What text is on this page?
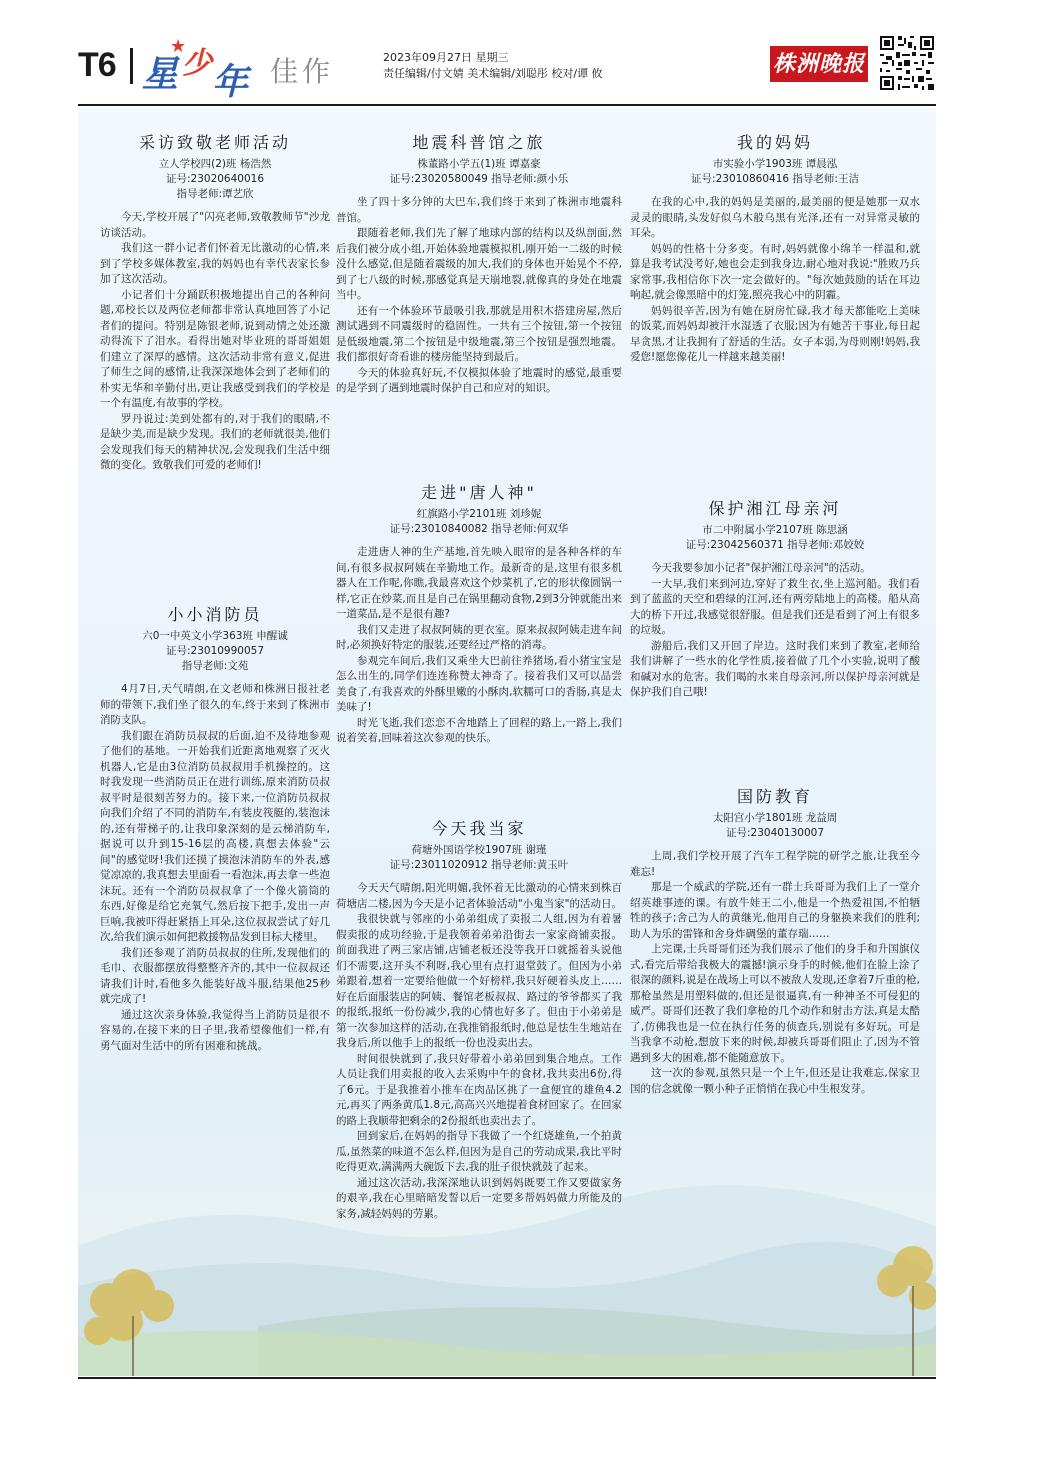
T6 星
★
少 年 佳作	2023年09月27日 星期三
责任编辑/付文婧 美术编辑/刘聪彤 校对/谭 攸	株洲晚报
采访致敬老师活动
立人学校四(2)班 杨浩然
证号:23020640016
指导老师:谭艺欣

今天,学校开展了"闪亮老师,致敬教师节"沙龙访谈活动。

我们这一群小记者们怀着无比激动的心情,来到了学校多媒体教室,我的妈妈也有幸代表家长参加了这次活动。

小记者们十分踊跃积极地提出自己的各种问题,邓校长以及两位老师都非常认真地回答了小记者们的提问。特别是陈银老师,说到动情之处还激动得流下了泪水。看得出她对毕业班的哥哥姐姐们建立了深厚的感情。这次活动非常有意义,促进了师生之间的感情,让我深深地体会到了老师们的朴实无华和辛勤付出,更让我感受到我们的学校是一个有温度,有故事的学校。

罗丹说过:美到处都有的,对于我们的眼睛,不是缺少美,而是缺少发现。我们的老师就很美,他们会发现我们每天的精神状况,会发现我们生活中细微的变化。致敬我们可爱的老师们!

小小消防员
六0一中英文小学363班 申醒诚
证号:23010990057
指导老师:文苑

4月7日,天气晴朗,在文老师和株洲日报社老师的带领下,我们坐了很久的车,终于来到了株洲市消防支队。

我们跟在消防员叔叔的后面,迫不及待地参观了他们的基地。一开始我们近距离地观察了灭火机器人,它是由3位消防员叔叔用手机操控的。这时我发现一些消防员正在进行训练,原来消防员叔叔平时是很刻苦努力的。接下来,一位消防员叔叔向我们介绍了不同的消防车,有装皮筏艇的,装泡沫的,还有带梯子的,让我印象深刻的是云梯消防车,据说可以升到15-16层的高楼,真想去体验"云间"的感觉呀!我们还摸了摸泡沫消防车的外表,感觉凉凉的,我真想去里面看一看泡沫,再去拿一些泡沫玩。还有一个消防员叔叔拿了一个像火箭筒的东西,好像是给它充氧气,然后按下把手,发出一声巨响,我被吓得赶紧捂上耳朵,这位叔叔尝试了好几次,给我们演示如何把救援物品发到目标大楼里。

我们还参观了消防员叔叔的住所,发现他们的毛巾、衣服都摆放得整整齐齐的,其中一位叔叔还请我们计时,看他多久能装好战斗服,结果他25秒就完成了!

通过这次亲身体验,我觉得当上消防员是很不容易的,在接下来的日子里,我希望像他们一样,有勇气面对生活中的所有困难和挑战。

地震科普馆之旅
株董路小学五(1)班 谭嘉豪
证号:23020580049 指导老师:颜小乐

坐了四十多分钟的大巴车,我们终于来到了株洲市地震科普馆。

跟随着老师,我们先了解了地球内部的结构以及纵剖面,然后我们被分成小组,开始体验地震模拟机,刚开始一二级的时候没什么感觉,但是随着震级的加大,我们的身体也开始晃个不停,到了七八级的时候,那感觉真是天崩地裂,就像真的身处在地震当中。

还有一个体验环节最吸引我,那就是用积木搭建房屋,然后测试遇到不同震级时的稳固性。一共有三个按钮,第一个按钮是低级地震,第二个按钮是中级地震,第三个按钮是强烈地震。我们都很好奇看谁的楼房能坚持到最后。

今天的体验真好玩,不仅模拟体验了地震时的感觉,最重要的是学到了遇到地震时保护自己和应对的知识。

走进"唐人神"
红旗路小学2101班 刘珍妮
证号:23010840082 指导老师:何双华

走进唐人神的生产基地,首先映入眼帘的是各种各样的车间,有很多叔叔阿姨在辛勤地工作。最新奇的是,这里有很多机器人在工作呢,你瞧,我最喜欢这个炒菜机了,它的形状像圆锅一样,它正在炒菜,而且是自己在锅里翻动食物,2到3分钟就能出来一道菜品,是不是很有趣?

我们又走进了叔叔阿姨的更衣室。原来叔叔阿姨走进车间时,必须换好特定的服装,还要经过严格的消毒。

参观完车间后,我们又乘坐大巴前往养猪场,看小猪宝宝是怎么出生的,同学们连连称赞太神奇了。接着我们又可以品尝美食了,有我喜欢的外酥里嫩的小酥肉,软糯可口的香肠,真是太美味了!

时光飞逝,我们恋恋不舍地踏上了回程的路上,一路上,我们说着笑着,回味着这次参观的快乐。

今天我当家
荷塘外国语学校1907班 谢瑾
证号:23011020912 指导老师:黄玉叶

今天天气晴朗,阳光明媚,我怀着无比激动的心情来到株百荷塘店二楼,因为今天是小记者体验活动"小鬼当家"的活动日。

我很快就与邻座的小弟弟组成了卖报二人组,因为有着暑假卖报的成功经验,于是我领着弟弟沿街去一家家商铺卖报。前面我进了两三家店铺,店铺老板还没等我开口就摇着头说他们不需要,这开头不利呀,我心里有点打退堂鼓了。但因为小弟弟跟着,想着一定要给他做一个好榜样,我只好硬着头皮上……好在后面服装店的阿姨、餐馆老板叔叔、路过的爷爷都买了我的报纸,报纸一份份减少,我的心情也好多了。但由于小弟弟是第一次参加这样的活动,在我推销报纸时,他总是怯生生地站在我身后,所以他手上的报纸一份也没卖出去。

时间很快就到了,我只好带着小弟弟回到集合地点。工作人员让我们用卖报的收入去采购中午的食材,我共卖出6份,得了6元。于是我推着小推车在肉品区挑了一盒便宜的雄鱼4.2元,再买了两条黄瓜1.8元,高高兴兴地提着食材回家了。在回家的路上我顺带把剩余的2份报纸也卖出去了。

回到家后,在妈妈的指导下我做了一个红烧雄鱼,一个拍黄瓜,虽然菜的味道不怎么样,但因为是自己的劳动成果,我比平时吃得更欢,满满两大碗饭下去,我的肚子很快就鼓了起来。

通过这次活动,我深深地认识到妈妈既要工作又要做家务的艰辛,我在心里暗暗发誓以后一定要多帮妈妈做力所能及的家务,减轻妈妈的劳累。

我的妈妈
市实验小学1903班 谭晨泓
证号:23010860416 指导老师:王洁

在我的心中,我的妈妈是美丽的,最美丽的便是她那一双水灵灵的眼睛,头发好似乌木般乌黑有光泽,还有一对异常灵敏的耳朵。

妈妈的性格十分多变。有时,妈妈就像小绵羊一样温和,就算是我考试没考好,她也会走到我身边,耐心地对我说:"胜败乃兵家常事,我相信你下次一定会做好的。"每次她鼓励的话在耳边响起,就会像黑暗中的灯笼,照亮我心中的阴霾。

妈妈很辛苦,因为有她在厨房忙碌,我才每天都能吃上美味的饭菜,而妈妈却被汗水湿透了衣服;因为有她苦干事业,每日起早贪黑,才让我拥有了舒适的生活。女子本弱,为母则刚!妈妈,我爱您!愿您像花儿一样越来越美丽!

保护湘江母亲河
市二中附属小学2107班 陈思涵
证号:23042560371 指导老师:邓姣姣

今天我要参加小记者"保护湘江母亲河"的活动。

一大早,我们来到河边,穿好了救生衣,坐上巡河船。我们看到了蓝蓝的天空和碧绿的江河,还有两旁陆地上的高楼。船从高大的桥下开过,我感觉很舒服。但是我们还是看到了河上有很多的垃圾。

游船后,我们又开回了岸边。这时我们来到了教室,老师给我们讲解了一些水的化学性质,接着做了几个小实验,说明了酸和碱对水的危害。我们喝的水来自母亲河,所以保护母亲河就是保护我们自己哦!

国防教育
太阳宫小学1801班 龙益周
证号:23040130007

上周,我们学校开展了汽车工程学院的研学之旅,让我至今难忘!

那是一个威武的学院,还有一群士兵哥哥为我们上了一堂介绍英雄事迹的课。有放牛娃王二小,他是一个热爱祖国,不怕牺牲的孩子;舍己为人的黄继光,他用自己的身躯换来我们的胜利;助人为乐的雷锋和舍身炸碉堡的董存瑞……

上完课,士兵哥哥们还为我们展示了他们的身手和升国旗仪式,看完后带给我极大的震撼!演示身手的时候,他们在脸上涂了很深的颜料,说是在战场上可以不被敌人发现,还拿着7斤重的枪,那枪虽然是用塑料做的,但还是很逼真,有一种神圣不可侵犯的威严。哥哥们还教了我们拿枪的几个动作和射击方法,真是太酷了,仿佛我也是一位在执行任务的侦查兵,别说有多好玩。可是当我拿不动枪,想放下来的时候,却被兵哥哥们阻止了,因为不管遇到多大的困难,都不能随意放下。

这一次的参观,虽然只是一个上午,但还是让我难忘,保家卫国的信念就像一颗小种子正悄悄在我心中生根发芽。
